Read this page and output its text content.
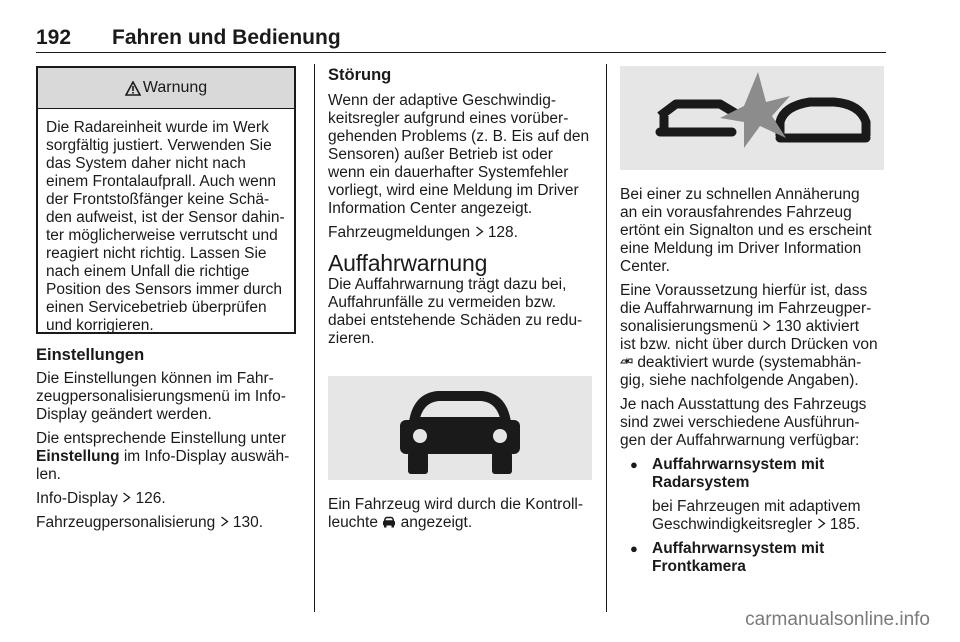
192 Fahren und Bedienung
Warnung
Die Radareinheit wurde im Werk
sorgfältig justiert. Verwenden Sie
das System daher nicht nach
einem Frontalaufprall. Auch wenn
der Frontstoßfänger keine Schä-
den aufweist, ist der Sensor dahin-
ter möglicherweise verrutscht und
reagiert nicht richtig. Lassen Sie
nach einem Unfall die richtige
Position des Sensors immer durch
einen Servicebetrieb überprüfen
und korrigieren.
Einstellungen

Die Einstellungen können im Fahr-
zeugpersonalisierungsmenü im Info-
Display geändert werden.

Die entsprechende Einstellung unter
Einstellung im Info-Display auswäh-
len.

Info-Display 126.

Fahrzeugpersonalisierung 130.

Störung

Wenn der adaptive Geschwindig-
keitsregler aufgrund eines vorüber-
gehenden Problems (z. B. Eis auf den
Sensoren) außer Betrieb ist oder
wenn ein dauerhafter Systemfehler
vorliegt, wird eine Meldung im Driver
Information Center angezeigt.

Fahrzeugmeldungen 128.

Auffahrwarnung

Die Auffahrwarnung trägt dazu bei,
Auffahrunfälle zu vermeiden bzw.
dabei entstehende Schäden zu redu-
zieren.

Ein Fahrzeug wird durch die Kontroll-
leuchte angezeigt.

Bei einer zu schnellen Annäherung
an ein vorausfahrendes Fahrzeug
ertönt ein Signalton und es erscheint
eine Meldung im Driver Information
Center.

Eine Voraussetzung hierfür ist, dass
die Auffahrwarnung im Fahrzeugper-
sonalisierungsmenü 130 aktiviert
ist bzw. nicht über durch Drücken von
deaktiviert wurde (systemabhän-
gig, siehe nachfolgende Angaben).

Je nach Ausstattung des Fahrzeugs
sind zwei verschiedene Ausführun-
gen der Auffahrwarnung verfügbar:

● Auffahrwarnsystem mit
Radarsystem
bei Fahrzeugen mit adaptivem
Geschwindigkeitsregler 185.
● Auffahrwarnsystem mit
Frontkamera
carmanualsonline.info
